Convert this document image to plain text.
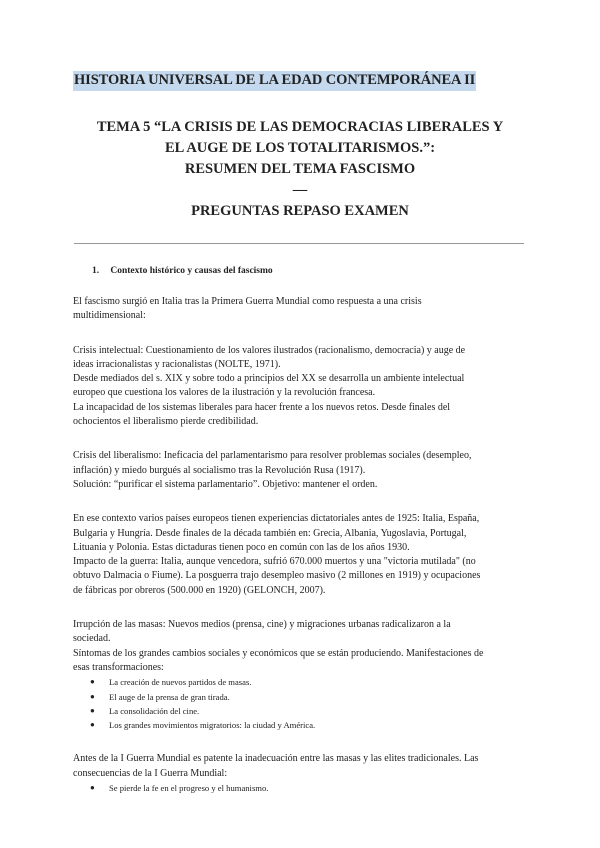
HISTORIA UNIVERSAL DE LA EDAD CONTEMPORÁNEA II
TEMA 5 “LA CRISIS DE LAS DEMOCRACIAS LIBERALES Y
EL AUGE DE LOS TOTALITARISMOS.”:
RESUMEN DEL TEMA FASCISMO
—
PREGUNTAS REPASO EXAMEN
1. Contexto histórico y causas del fascismo

El fascismo surgió en Italia tras la Primera Guerra Mundial como respuesta a una crisis

multidimensional:

Crisis intelectual: Cuestionamiento de los valores ilustrados (racionalismo, democracia) y auge de

ideas irracionalistas y racionalistas (NOLTE, 1971).

Desde mediados del s. XIX y sobre todo a principios del XX se desarrolla un ambiente intelectual

europeo que cuestiona los valores de la ilustración y la revolución francesa.

La incapacidad de los sistemas liberales para hacer frente a los nuevos retos. Desde finales del

ochocientos el liberalismo pierde credibilidad.

Crisis del liberalismo: Ineficacia del parlamentarismo para resolver problemas sociales (desempleo,

inflación) y miedo burgués al socialismo tras la Revolución Rusa (1917).

Solución: “purificar el sistema parlamentario”. Objetivo: mantener el orden.

En ese contexto varios países europeos tienen experiencias dictatoriales antes de 1925: Italia, España,

Bulgaria y Hungría. Desde finales de la década también en: Grecia, Albania, Yugoslavia, Portugal,

Lituania y Polonia. Estas dictaduras tienen poco en común con las de los años 1930.

Impacto de la guerra: Italia, aunque vencedora, sufrió 670.000 muertos y una "victoria mutilada" (no

obtuvo Dalmacia o Fiume). La posguerra trajo desempleo masivo (2 millones en 1919) y ocupaciones

de fábricas por obreros (500.000 en 1920) (GELONCH, 2007).

Irrupción de las masas: Nuevos medios (prensa, cine) y migraciones urbanas radicalizaron a la

sociedad.

Síntomas de los grandes cambios sociales y económicos que se están produciendo. Manifestaciones de

esas transformaciones:

● La creación de nuevos partidos de masas.
● El auge de la prensa de gran tirada.
● La consolidación del cine.
● Los grandes movimientos migratorios: la ciudad y América.

Antes de la I Guerra Mundial es patente la inadecuación entre las masas y las elites tradicionales. Las

consecuencias de la I Guerra Mundial:

● Se pierde la fe en el progreso y el humanismo.
